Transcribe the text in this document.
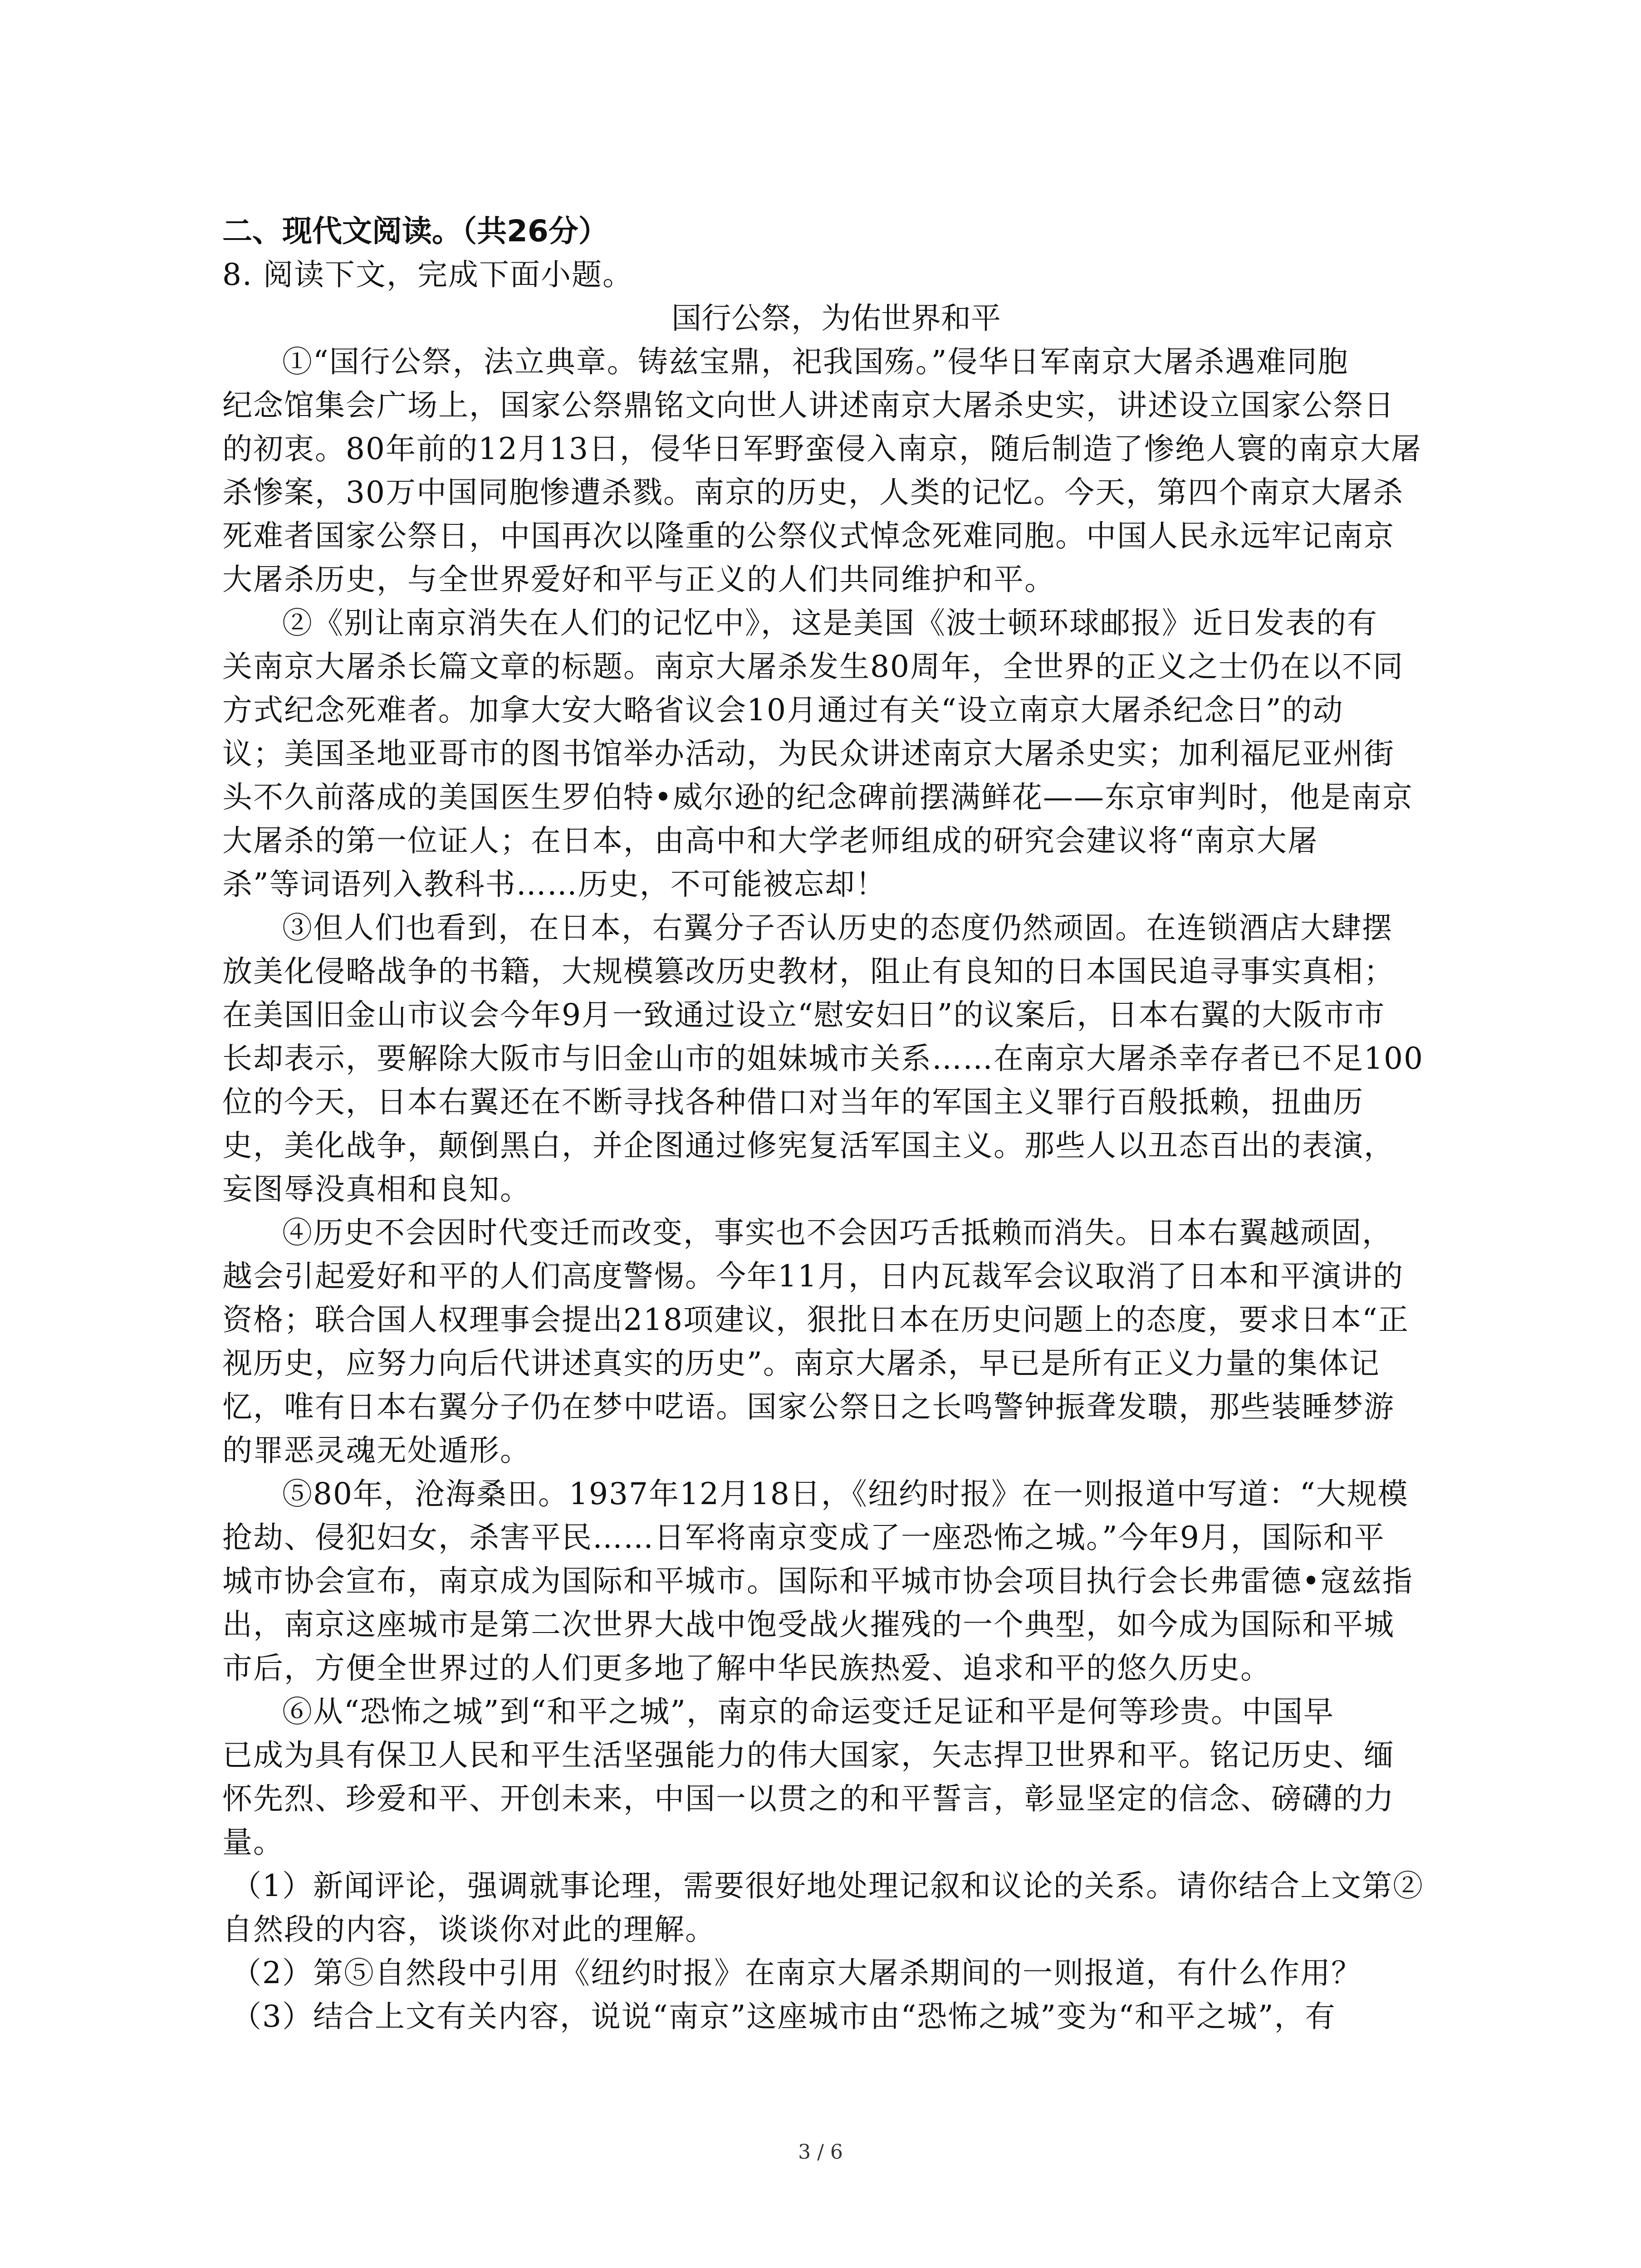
二、现代文阅读。（共26分）
8. 阅读下文，完成下面小题。
国行公祭，为佑世界和平
①“国行公祭，法立典章。铸兹宝鼎，祀我国殇。”侵华日军南京大屠杀遇难同胞
纪念馆集会广场上，国家公祭鼎铭文向世人讲述南京大屠杀史实，讲述设立国家公祭日
的初衷。80年前的12月13日，侵华日军野蛮侵入南京，随后制造了惨绝人寰的南京大屠
杀惨案，30万中国同胞惨遭杀戮。南京的历史，人类的记忆。今天，第四个南京大屠杀
死难者国家公祭日，中国再次以隆重的公祭仪式悼念死难同胞。中国人民永远牢记南京
大屠杀历史，与全世界爱好和平与正义的人们共同维护和平。
②《别让南京消失在人们的记忆中》，这是美国《波士顿环球邮报》近日发表的有
关南京大屠杀长篇文章的标题。南京大屠杀发生80周年，全世界的正义之士仍在以不同
方式纪念死难者。加拿大安大略省议会10月通过有关“设立南京大屠杀纪念日”的动
议；美国圣地亚哥市的图书馆举办活动，为民众讲述南京大屠杀史实；加利福尼亚州街
头不久前落成的美国医生罗伯特•威尔逊的纪念碑前摆满鲜花——东京审判时，他是南京
大屠杀的第一位证人；在日本，由高中和大学老师组成的研究会建议将“南京大屠
杀”等词语列入教科书……历史，不可能被忘却！
③但人们也看到，在日本，右翼分子否认历史的态度仍然顽固。在连锁酒店大肆摆
放美化侵略战争的书籍，大规模篡改历史教材，阻止有良知的日本国民追寻事实真相；
在美国旧金山市议会今年9月一致通过设立“慰安妇日”的议案后，日本右翼的大阪市市
长却表示，要解除大阪市与旧金山市的姐妹城市关系……在南京大屠杀幸存者已不足100
位的今天，日本右翼还在不断寻找各种借口对当年的军国主义罪行百般抵赖，扭曲历
史，美化战争，颠倒黑白，并企图通过修宪复活军国主义。那些人以丑态百出的表演，
妄图辱没真相和良知。
④历史不会因时代变迁而改变，事实也不会因巧舌抵赖而消失。日本右翼越顽固，
越会引起爱好和平的人们高度警惕。今年11月，日内瓦裁军会议取消了日本和平演讲的
资格；联合国人权理事会提出218项建议，狠批日本在历史问题上的态度，要求日本“正
视历史，应努力向后代讲述真实的历史”。南京大屠杀，早已是所有正义力量的集体记
忆，唯有日本右翼分子仍在梦中呓语。国家公祭日之长鸣警钟振聋发聩，那些装睡梦游
的罪恶灵魂无处遁形。
⑤80年，沧海桑田。1937年12月18日，《纽约时报》在一则报道中写道：“大规模
抢劫、侵犯妇女，杀害平民……日军将南京变成了一座恐怖之城。”今年9月，国际和平
城市协会宣布，南京成为国际和平城市。国际和平城市协会项目执行会长弗雷德•寇兹指
出，南京这座城市是第二次世界大战中饱受战火摧残的一个典型，如今成为国际和平城
市后，方便全世界过的人们更多地了解中华民族热爱、追求和平的悠久历史。
⑥从“恐怖之城”到“和平之城”，南京的命运变迁足证和平是何等珍贵。中国早
已成为具有保卫人民和平生活坚强能力的伟大国家，矢志捍卫世界和平。铭记历史、缅
怀先烈、珍爱和平、开创未来，中国一以贯之的和平誓言，彰显坚定的信念、磅礴的力
量。
（1）新闻评论，强调就事论理，需要很好地处理记叙和议论的关系。请你结合上文第②
自然段的内容，谈谈你对此的理解。
（2）第⑤自然段中引用《纽约时报》在南京大屠杀期间的一则报道，有什么作用？
（3）结合上文有关内容，说说“南京”这座城市由“恐怖之城”变为“和平之城”，有
3 / 6
